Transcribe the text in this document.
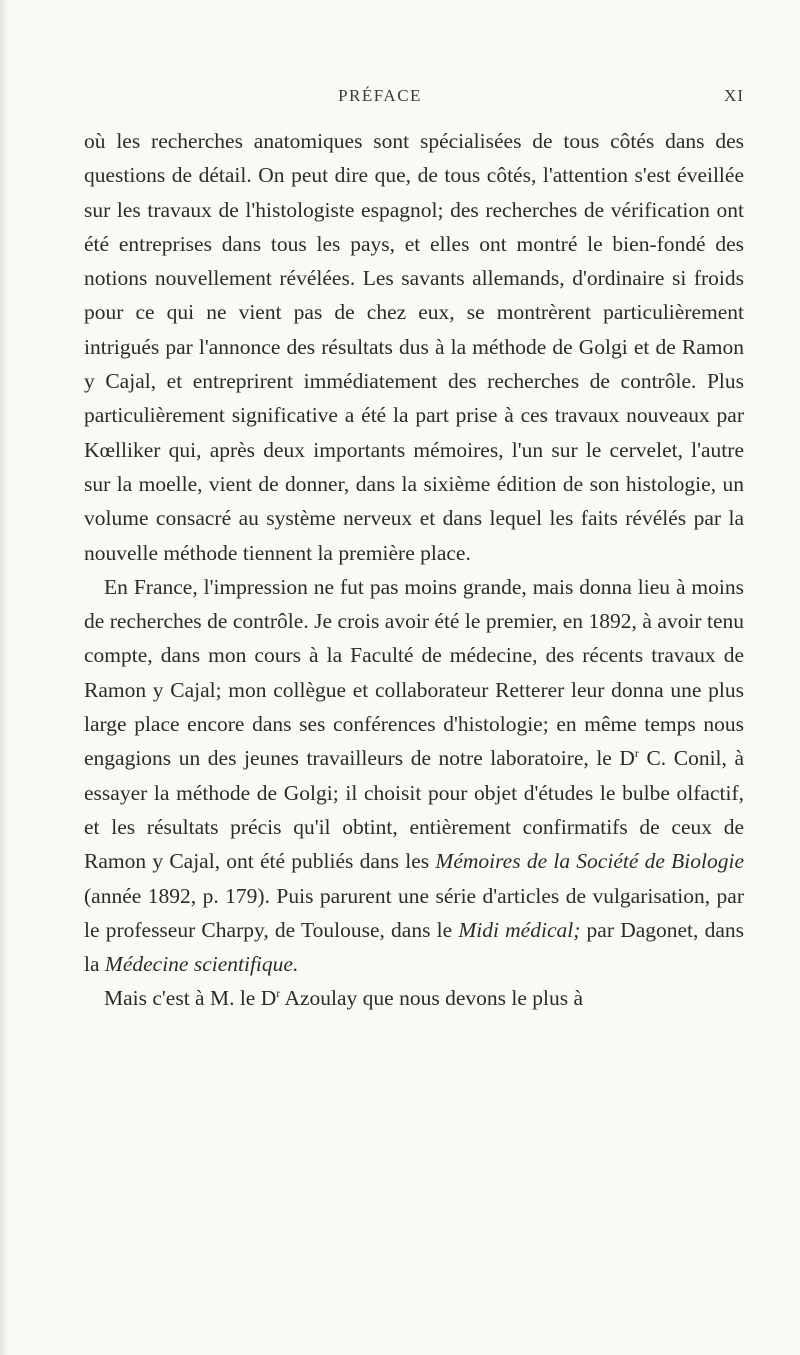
PRÉFACE	XI

où les recherches anatomiques sont spécialisées de tous côtés dans des questions de détail. On peut dire que, de tous côtés, l'attention s'est éveillée sur les travaux de l'histologiste espagnol; des recherches de vérification ont été entreprises dans tous les pays, et elles ont montré le bien-fondé des notions nouvellement révélées. Les savants allemands, d'ordinaire si froids pour ce qui ne vient pas de chez eux, se montrèrent particulièrement intrigués par l'annonce des résultats dus à la méthode de Golgi et de Ramon y Cajal, et entreprirent immédiatement des recherches de contrôle. Plus particulièrement significative a été la part prise à ces travaux nouveaux par Kœlliker qui, après deux importants mémoires, l'un sur le cervelet, l'autre sur la moelle, vient de donner, dans la sixième édition de son histologie, un volume consacré au système nerveux et dans lequel les faits révélés par la nouvelle méthode tiennent la première place.

En France, l'impression ne fut pas moins grande, mais donna lieu à moins de recherches de contrôle. Je crois avoir été le premier, en 1892, à avoir tenu compte, dans mon cours à la Faculté de médecine, des récents travaux de Ramon y Cajal; mon collègue et collaborateur Retterer leur donna une plus large place encore dans ses conférences d'histologie; en même temps nous engagions un des jeunes travailleurs de notre laboratoire, le $D^r$ C. Conil, à essayer la méthode de Golgi; il choisit pour objet d'études le bulbe olfactif, et les résultats précis qu'il obtint, entièrement confirmatifs de ceux de Ramon y Cajal, ont été publiés dans les Mémoires de la Société de Biologie (année 1892, p. 179). Puis parurent une série d'articles de vulgarisation, par le professeur Charpy, de Toulouse, dans le Midi médical; par Dagonet, dans la Médecine scientifique.

Mais c'est à M. le $D^r$ Azoulay que nous devons le plus à
